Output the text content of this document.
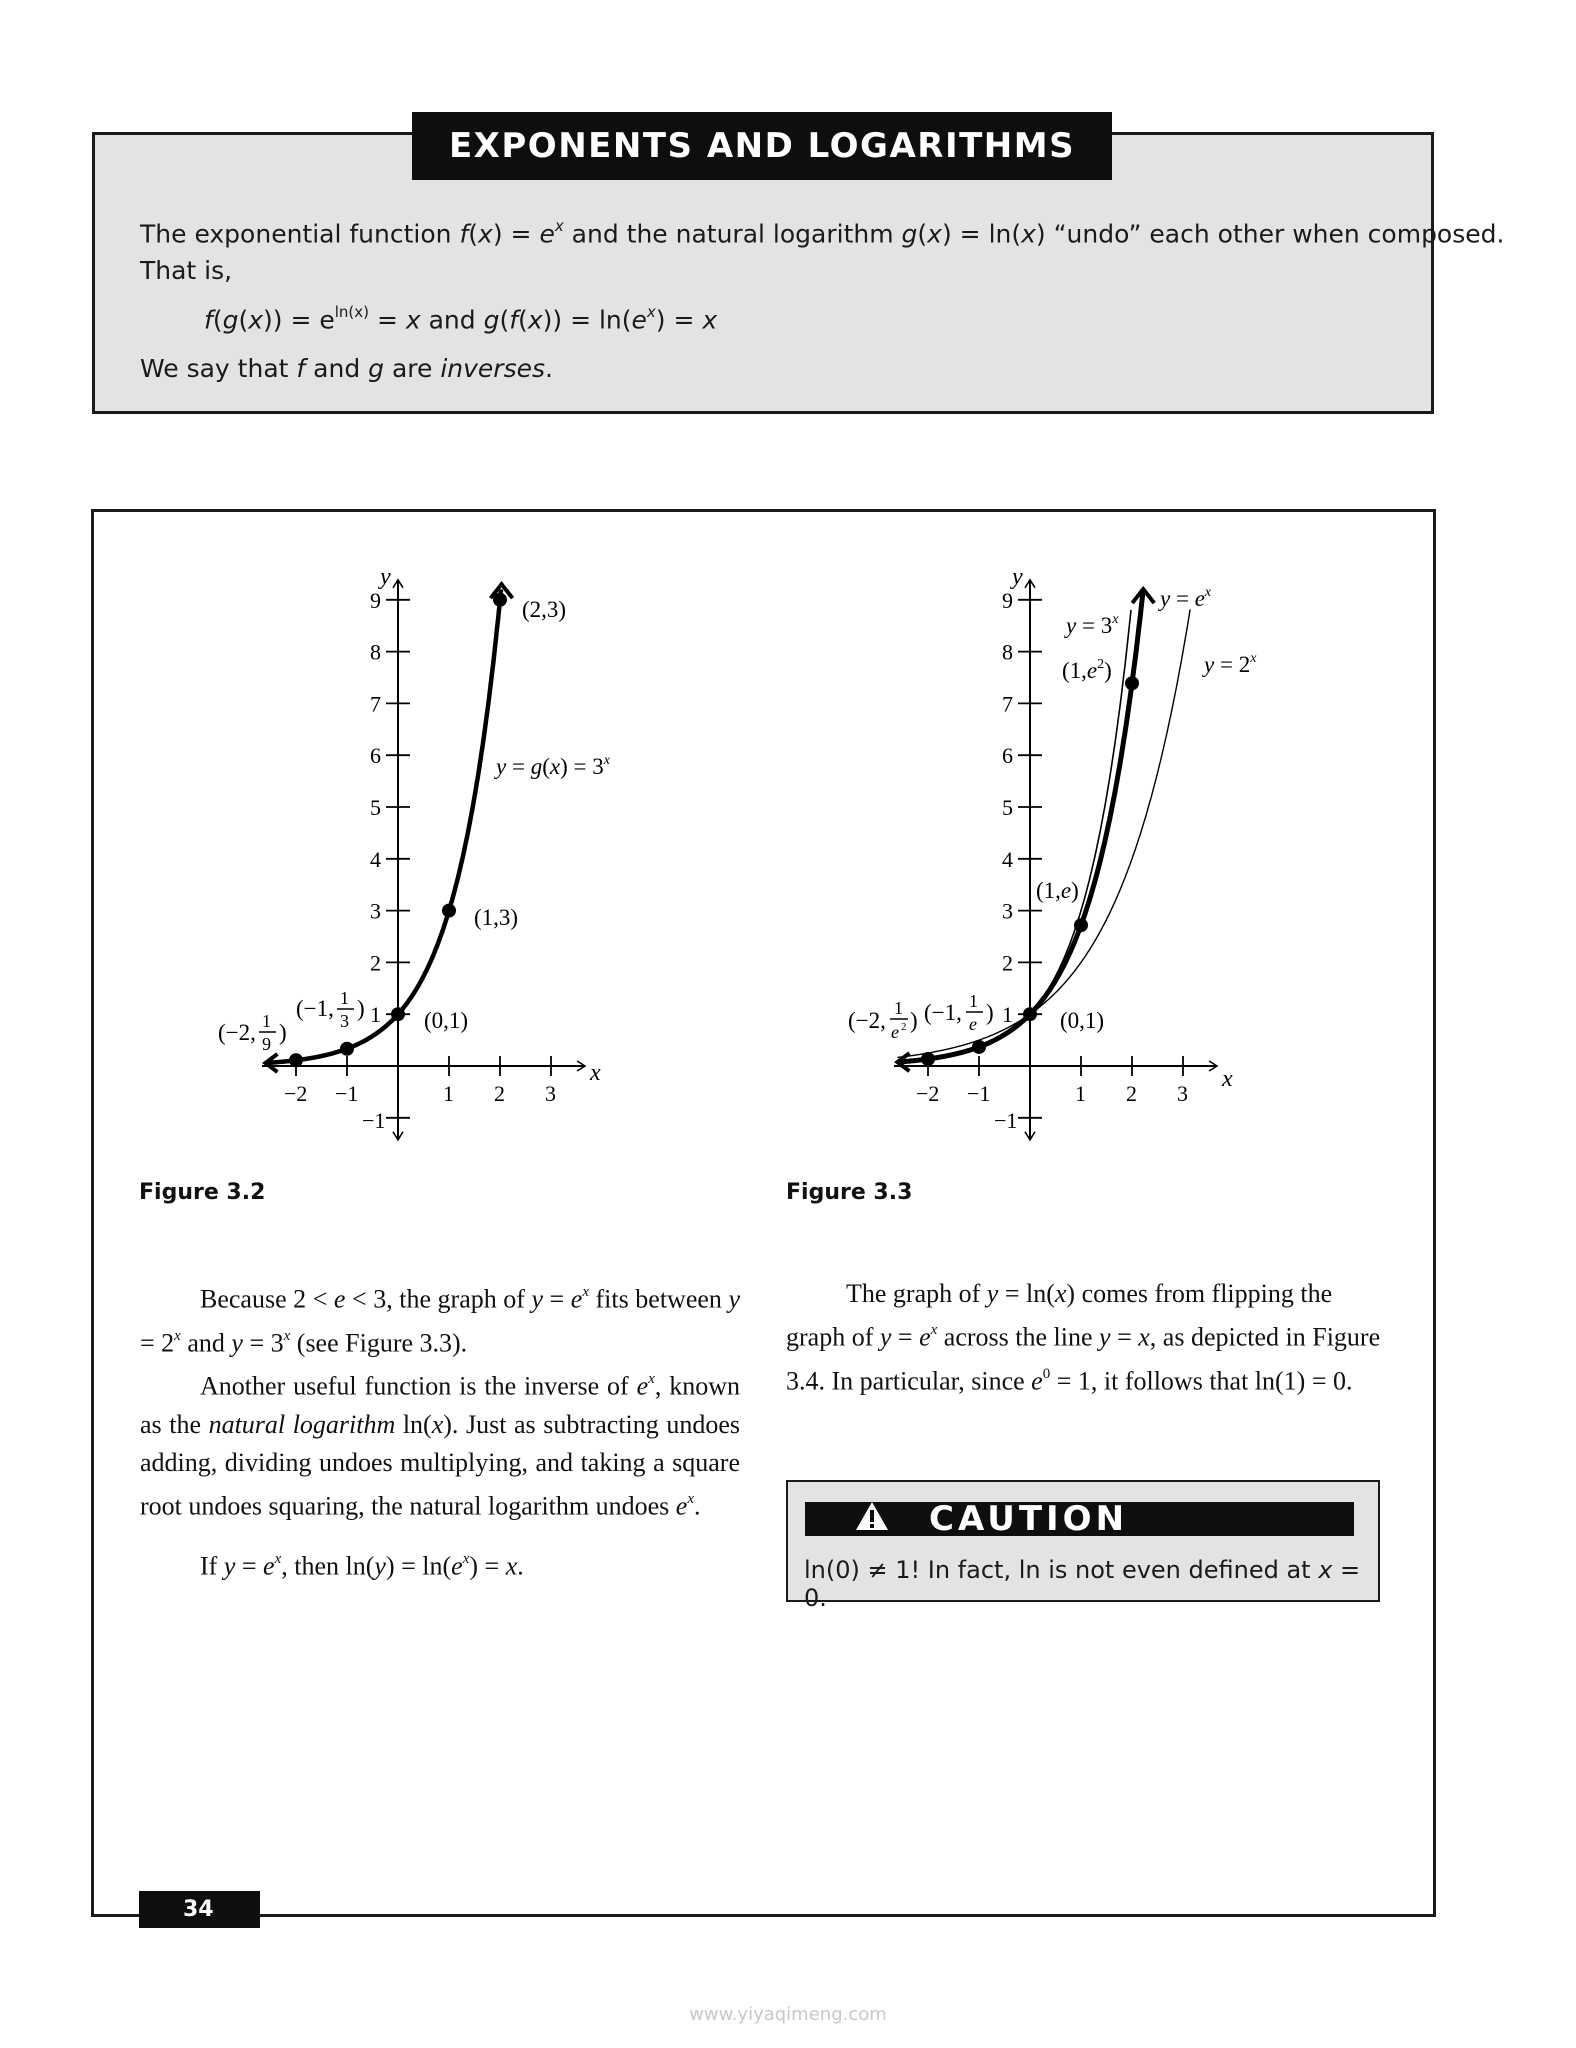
EXPONENTS AND LOGARITHMS
The exponential function $f(x) = e^x$ and the natural logarithm g(x) = ln(x) “undo” each other when composed.
That is,
$f(g(x)) = e^{ln(x)} = x$ and $g(f(x)) = \ln(e^x) = x$
We say that f and g are inverses.
−2 −1	1 2 3
−1
1
2
3
4
5
6
7
8
9
y
x
$y = g(x) = 3^x$
(2,3)
(1,3)
(0,1)
(−2, 1
9 )
(−1, 1
3 )
−2 −1	1 2 3
−1
1
2
3
4
5
6
7
8
9
y
x
$y = 3^x$
$y = e^x$
$y = 2^x$
$(1,e^2)$
(1,e)
(0,1)
(−2, 1
e 2 ) (−1, 1
e )
Figure 3.2	Figure 3.3

Because 2 < e < 3, the graph of $y = e^x$ fits between $y = 2^x$ and $y = 3^x$ (see Figure 3.3).

Another useful function is the inverse of $e^x$, known as the natural logarithm ln(x). Just as subtracting undoes adding, dividing undoes multiplying, and taking a square root undoes squaring, the natural logarithm undoes $e^x$.

If $y = e^x$, then $\ln(y) = \ln(e^x) = x$.

The graph of y = ln(x) comes from flipping the graph of $y = e^x$ across the line y = x, as depicted in Figure 3.4. In particular, since $e^0 = 1$, it follows that ln(1) = 0.

CAUTION
ln(0) ≠ 1! In fact, ln is not even defined at x = 0.
34
www.yiyaqimeng.com
